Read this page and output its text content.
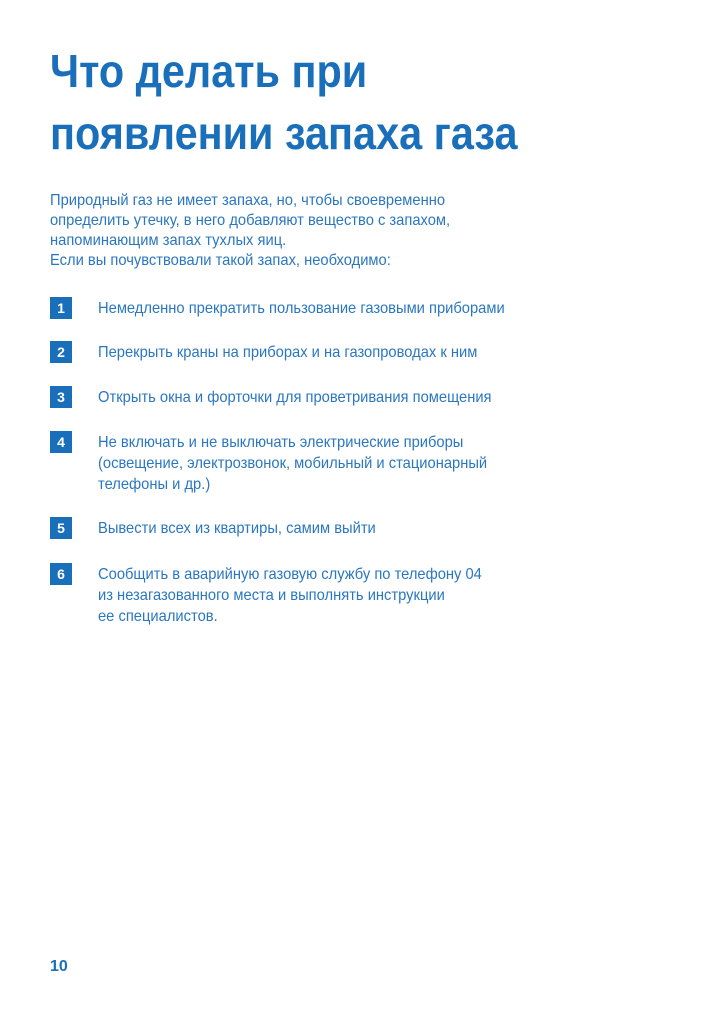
Что делать при
появлении запаха газа
Природный газ не имеет запаха, но, чтобы своевременно
определить утечку, в него добавляют вещество с запахом,
напоминающим запах тухлых яиц.
Если вы почувствовали такой запах, необходимо:
1	Немедленно прекратить пользование газовыми приборами
2	Перекрыть краны на приборах и на газопроводах к ним
3	Открыть окна и форточки для проветривания помещения
4	Не включать и не выключать электрические приборы
(освещение, электрозвонок, мобильный и стационарный
телефоны и др.)
5	Вывести всех из квартиры, самим выйти
6	Сообщить в аварийную газовую службу по телефону 04
из незагазованного места и выполнять инструкции
ее специалистов.
10
